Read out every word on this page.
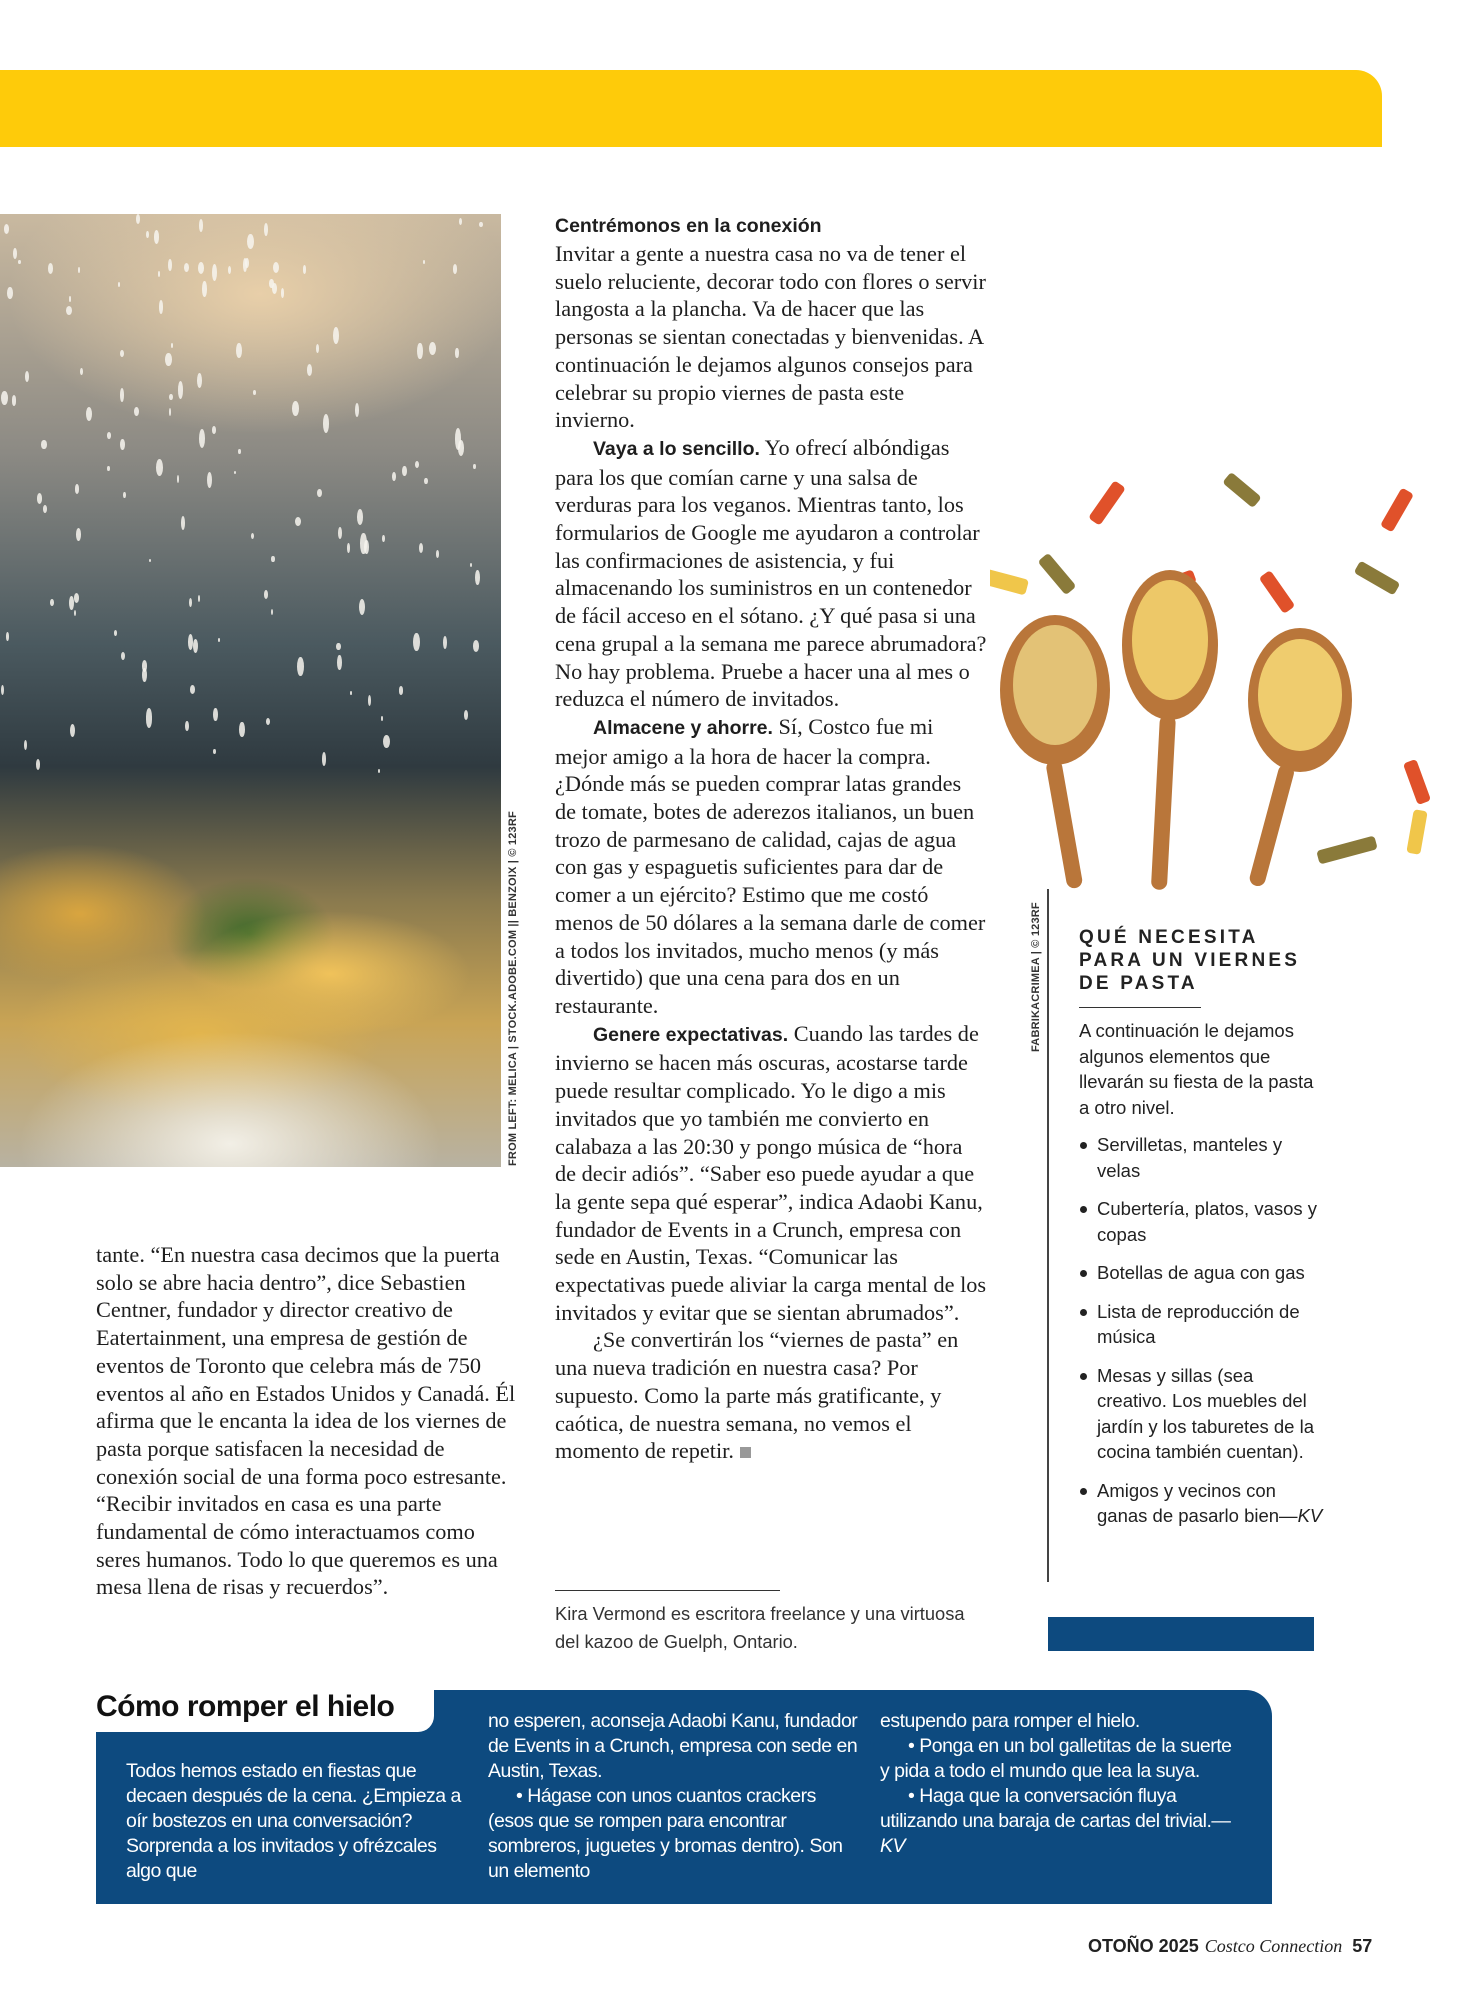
FROM LEFT: MELICA | STOCK.ADOBE.COM || BENZOIX | © 123RF
Centrémonos en la conexión

Invitar a gente a nuestra casa no va de tener el suelo reluciente, decorar todo con flores o servir langosta a la plancha. Va de hacer que las personas se sientan conectadas y bienvenidas. A continuación le dejamos algunos consejos para celebrar su propio viernes de pasta este invierno.

Vaya a lo sencillo. Yo ofrecí albóndigas para los que comían carne y una salsa de verduras para los veganos. Mientras tanto, los formularios de Google me ayudaron a controlar las confirmaciones de asistencia, y fui almacenando los suministros en un contenedor de fácil acceso en el sótano. ¿Y qué pasa si una cena grupal a la semana me parece abrumadora? No hay problema. Pruebe a hacer una al mes o reduzca el número de invitados.

Almacene y ahorre. Sí, Costco fue mi mejor amigo a la hora de hacer la compra. ¿Dónde más se pueden comprar latas grandes de tomate, botes de aderezos italianos, un buen trozo de parmesano de calidad, cajas de agua con gas y espaguetis suficientes para dar de comer a un ejército? Estimo que me costó menos de 50 dólares a la semana darle de comer a todos los invitados, mucho menos (y más divertido) que una cena para dos en un restaurante.

Genere expectativas. Cuando las tardes de invierno se hacen más oscuras, acostarse tarde puede resultar complicado. Yo le digo a mis invitados que yo también me convierto en calabaza a las 20:30 y pongo música de “hora de decir adiós”. “Saber eso puede ayudar a que la gente sepa qué esperar”, indica Adaobi Kanu, fundador de Events in a Crunch, empresa con sede en Austin, Texas. “Comunicar las expectativas puede aliviar la carga mental de los invitados y evitar que se sientan abrumados”.

¿Se convertirán los “viernes de pasta” en una nueva tradición en nuestra casa? Por supuesto. Como la parte más gratificante, y caótica, de nuestra semana, no vemos el momento de repetir.

Kira Vermond es escritora freelance y una virtuosa del kazoo de Guelph, Ontario.

tante. “En nuestra casa decimos que la puerta solo se abre hacia dentro”, dice Sebastien Centner, fundador y director creativo de Eatertainment, una empresa de gestión de eventos de Toronto que celebra más de 750 eventos al año en Estados Unidos y Canadá. Él afirma que le encanta la idea de los viernes de pasta porque satisfacen la necesidad de conexión social de una forma poco estresante. “Recibir invitados en casa es una parte fundamental de cómo interactuamos como seres humanos. Todo lo que queremos es una mesa llena de risas y recuerdos”.

FABRIKACRIMEA | © 123RF QUÉ NECESITA PARA UN VIERNES DE PASTA

A continuación le dejamos algunos elementos que llevarán su fiesta de la pasta a otro nivel.

Servilletas, manteles y velas
Cubertería, platos, vasos y copas
Botellas de agua con gas
Lista de reproducción de música
Mesas y sillas (sea creativo. Los muebles del jardín y los taburetes de la cocina también cuentan).
Amigos y vecinos con ganas de pasarlo bien—KV
Cómo romper el hielo

Todos hemos estado en fiestas que decaen después de la cena. ¿Empieza a oír bostezos en una conversación? Sorprenda a los invitados y ofrézcales algo que

no esperen, aconseja Adaobi Kanu, fundador de Events in a Crunch, empresa con sede en Austin, Texas.

• Hágase con unos cuantos crackers (esos que se rompen para encontrar sombreros, juguetes y bromas dentro). Son un elemento

estupendo para romper el hielo.

• Ponga en un bol galletitas de la suerte y pida a todo el mundo que lea la suya.

• Haga que la conversación fluya utilizando una baraja de cartas del trivial.—KV

OTOÑO 2025 Costco Connection 57
